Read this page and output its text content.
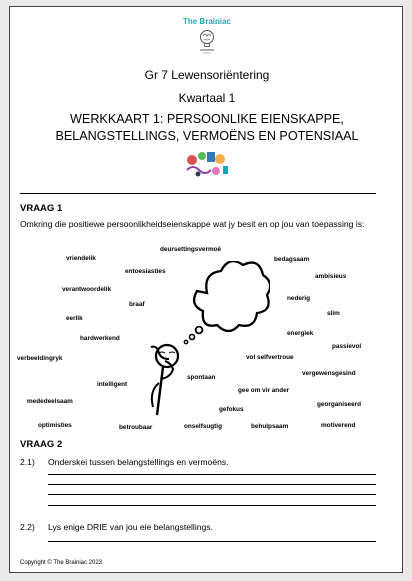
The Brainiac
Gr 7 Lewensoriëntering
Kwartaal 1
WERKKAART 1: PERSOONLIKE EIENSKAPPE,
BELANGSTELLINGS, VERMOËNS EN POTENSIAAL
VRAAG 1
Omkring die positiewe persoonlikheidseienskappe wat jy besit en op jou van toepassing is:
deursettingsvermoë
vriendelik	bedagsaam
entoesiasties
ambisieus
verantwoordelik
nederig
braaf
slim
eerlik
energiek
hardwerkend
passievol
verbeeldingryk	vol selfvertroue
spontaan
vergewensgesind
intelligent
gee om vir ander
mededeelsaam	georganiseerd
gefokus
optimisties	betroubaar	onselfsugtig	behulpsaam	motiverend
VRAAG 2
2.1) Onderskei tussen belangstellings en vermoëns.
2.2) Lys enige DRIE van jou eie belangstellings.
Copyright © The Brainiac 2023
